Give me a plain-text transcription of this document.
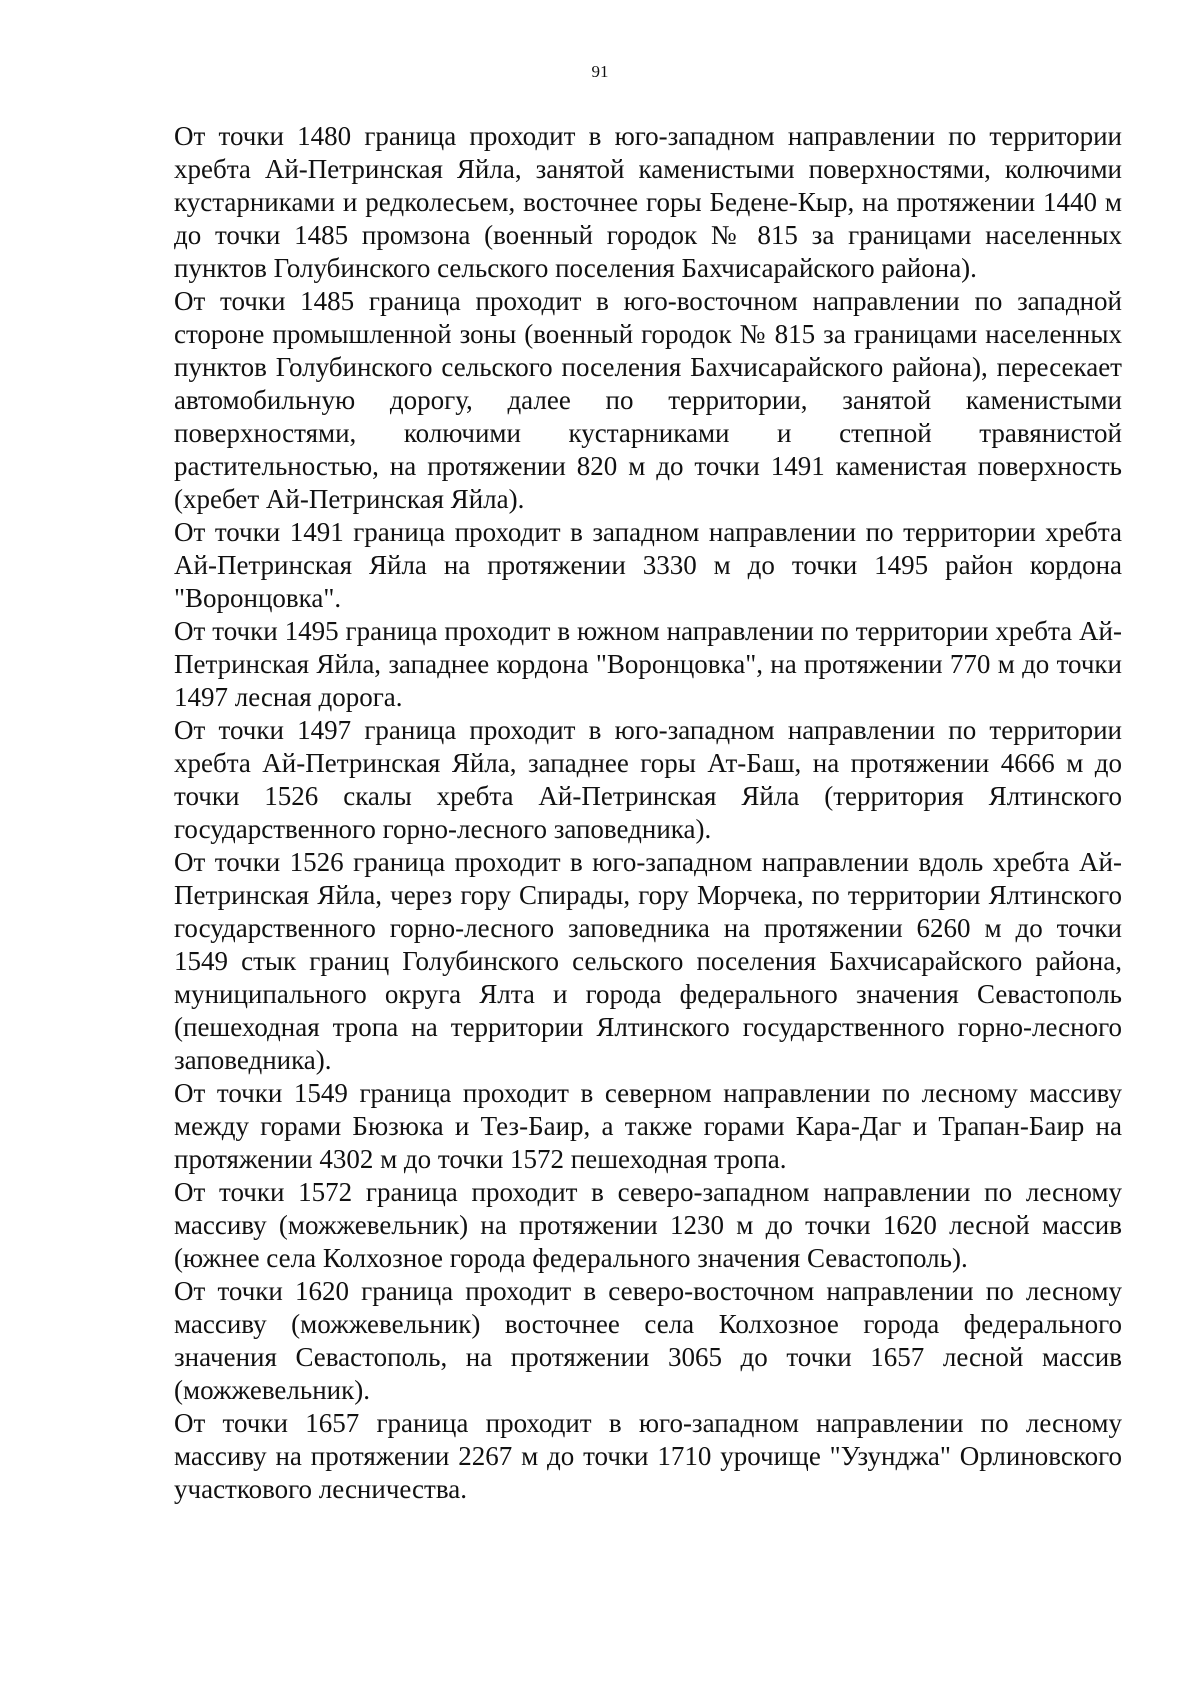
91

От точки 1480 граница проходит в юго-западном направлении по территории хребта Ай-Петринская Яйла, занятой каменистыми поверхностями, колючими кустарниками и редколесьем, восточнее горы Бедене-Кыр, на протяжении 1440 м до точки 1485 промзона (военный городок № 815 за границами населенных пунктов Голубинского сельского поселения Бахчисарайского района).

От точки 1485 граница проходит в юго-восточном направлении по западной стороне промышленной зоны (военный городок № 815 за границами населенных пунктов Голубинского сельского поселения Бахчисарайского района), пересекает автомобильную дорогу, далее по территории, занятой каменистыми поверхностями, колючими кустарниками и степной травянистой растительностью, на протяжении 820 м до точки 1491 каменистая поверхность (хребет Ай-Петринская Яйла).

От точки 1491 граница проходит в западном направлении по территории хребта Ай-Петринская Яйла на протяжении 3330 м до точки 1495 район кордона "Воронцовка".

От точки 1495 граница проходит в южном направлении по территории хребта Ай-Петринская Яйла, западнее кордона "Воронцовка", на протяжении 770 м до точки 1497 лесная дорога.

От точки 1497 граница проходит в юго-западном направлении по территории хребта Ай-Петринская Яйла, западнее горы Ат-Баш, на протяжении 4666 м до точки 1526 скалы хребта Ай-Петринская Яйла (территория Ялтинского государственного горно-лесного заповедника).

От точки 1526 граница проходит в юго-западном направлении вдоль хребта Ай-Петринская Яйла, через гору Спирады, гору Морчека, по территории Ялтинского государственного горно-лесного заповедника на протяжении 6260 м до точки 1549 стык границ Голубинского сельского поселения Бахчисарайского района, муниципального округа Ялта и города федерального значения Севастополь (пешеходная тропа на территории Ялтинского государственного горно-лесного заповедника).

От точки 1549 граница проходит в северном направлении по лесному массиву между горами Бюзюка и Тез-Баир, а также горами Кара-Даг и Трапан-Баир на протяжении 4302 м до точки 1572 пешеходная тропа.

От точки 1572 граница проходит в северо-западном направлении по лесному массиву (можжевельник) на протяжении 1230 м до точки 1620 лесной массив (южнее села Колхозное города федерального значения Севастополь).

От точки 1620 граница проходит в северо-восточном направлении по лесному массиву (можжевельник) восточнее села Колхозное города федерального значения Севастополь, на протяжении 3065 до точки 1657 лесной массив (можжевельник).

От точки 1657 граница проходит в юго-западном направлении по лесному массиву на протяжении 2267 м до точки 1710 урочище "Узунджа" Орлиновского участкового лесничества.
